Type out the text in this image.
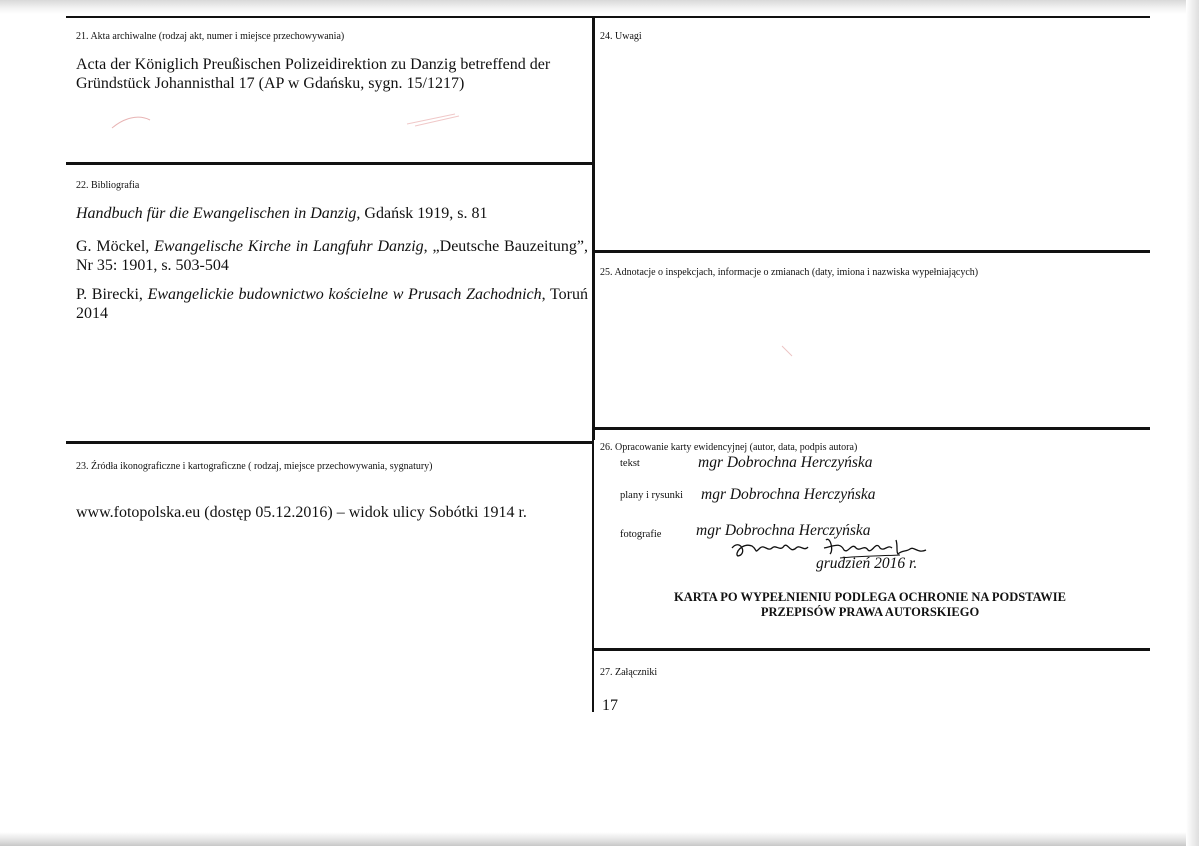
21. Akta archiwalne (rodzaj akt, numer i miejsce przechowywania)
Acta der Königlich Preußischen Polizeidirektion zu Danzig betreffend der Gründstück Johannisthal 17 (AP w Gdańsku, sygn. 15/1217)
22. Bibliografia
Handbuch für die Ewangelischen in Danzig, Gdańsk 1919, s. 81
G. Möckel, Ewangelische Kirche in Langfuhr Danzig, „Deutsche Bauzeitung”, Nr 35: 1901, s. 503-504
P. Birecki, Ewangelickie budownictwo kościelne w Prusach Zachodnich, Toruń 2014
23. Źródła ikonograficzne i kartograficzne ( rodzaj, miejsce przechowywania, sygnatury)
www.fotopolska.eu (dostęp 05.12.2016) – widok ulicy Sobótki 1914 r.
24. Uwagi
25. Adnotacje o inspekcjach, informacje o zmianach (daty, imiona i nazwiska wypełniających)
26. Opracowanie karty ewidencyjnej (autor, data, podpis autora)
tekst	mgr Dobrochna Herczyńska
plany i rysunki mgr Dobrochna Herczyńska
fotografie mgr Dobrochna Herczyńska
grudzień 2016 r.
KARTA PO WYPEŁNIENIU PODLEGA OCHRONIE NA PODSTAWIE
PRZEPISÓW PRAWA AUTORSKIEGO
27. Załączniki
17
